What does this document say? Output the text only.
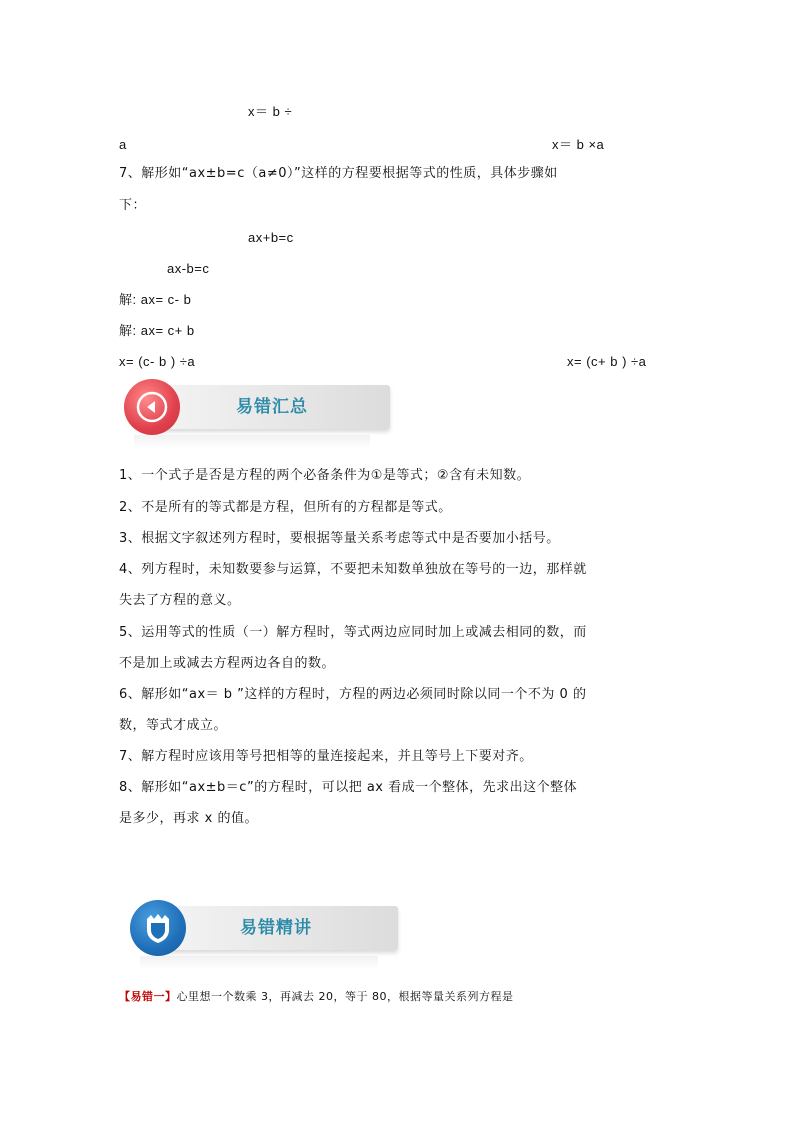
x＝ b ÷
a	x＝ b ×a
7、解形如“ax±b=c（a≠0）”这样的方程要根据等式的性质，具体步骤如
下：
ax+b=c
ax-b=c
解: ax= c- b
解: ax= c+ b
x= (c- b ) ÷a	x= (c+ b ) ÷a
易错汇总
1、一个式子是否是方程的两个必备条件为①是等式；②含有未知数。
2、不是所有的等式都是方程，但所有的方程都是等式。
3、根据文字叙述列方程时，要根据等量关系考虑等式中是否要加小括号。
4、列方程时，未知数要参与运算，不要把未知数单独放在等号的一边，那样就
失去了方程的意义。
5、运用等式的性质（一）解方程时，等式两边应同时加上或减去相同的数，而
不是加上或减去方程两边各自的数。
6、解形如“ax＝ b ”这样的方程时，方程的两边必须同时除以同一个不为 0 的
数，等式才成立。
7、解方程时应该用等号把相等的量连接起来，并且等号上下要对齐。
8、解形如“ax±b＝c”的方程时，可以把 ax 看成一个整体，先求出这个整体
是多少，再求 x 的值。
易错精讲
【易错一】心里想一个数乘 3，再减去 20，等于 80，根据等量关系列方程是
